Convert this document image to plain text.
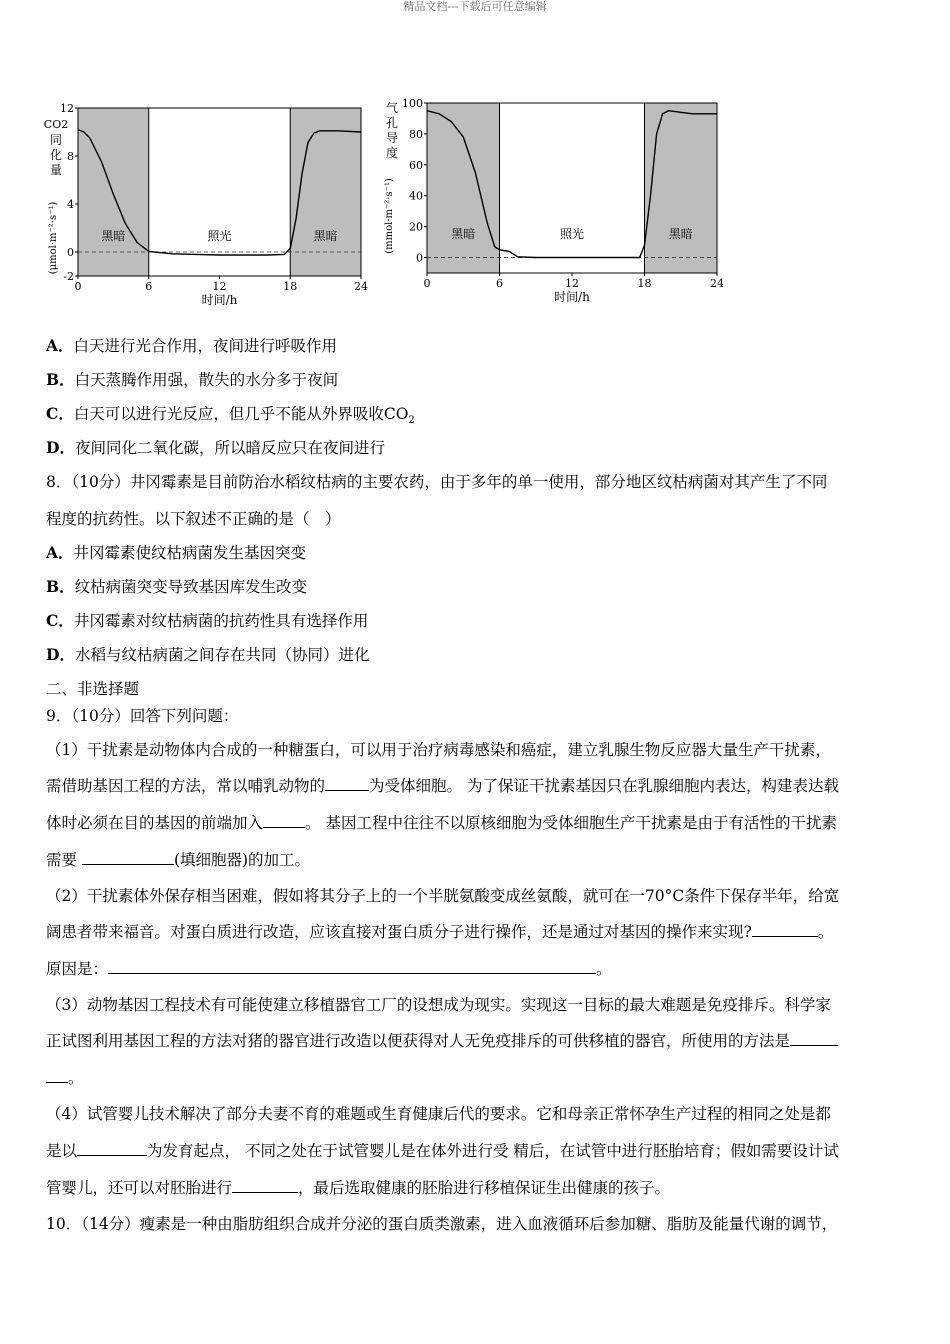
精品文档---下载后可任意编辑
黑暗	照光	黑暗
0	6	12	18	24
-2
0
4
8
12
时间/h
CO2
同
化
量
(μmol·m⁻²·s⁻¹)	黑暗	照光	黑暗
0	6	12	18	24
0
20
40
60
80
100
时间/h
气
孔
导
度
(mmol·m⁻²·s⁻¹)
A．白天进行光合作用，夜间进行呼吸作用
B．白天蒸腾作用强，散失的水分多于夜间
C．白天可以进行光反应，但几乎不能从外界吸收$CO_2$
D．夜间同化二氧化碳，所以暗反应只在夜间进行
8．（10分）井冈霉素是目前防治水稻纹枯病的主要农药，由于多年的单一使用，部分地区纹枯病菌对其产生了不同
程度的抗药性。以下叙述不正确的是（　）
A．井冈霉素使纹枯病菌发生基因突变
B．纹枯病菌突变导致基因库发生改变
C．井冈霉素对纹枯病菌的抗药性具有选择作用
D．水稻与纹枯病菌之间存在共同（协同）进化
二、非选择题
9．（10分）回答下列问题：
（1）干扰素是动物体内合成的一种糖蛋白，可以用于治疗病毒感染和癌症，建立乳腺生物反应器大量生产干扰素，
需借助基因工程的方法，常以哺乳动物的	为受体细胞。 为了保证干扰素基因只在乳腺细胞内表达，构建表达载
体时必须在目的基因的前端加入	。 基因工程中往往不以原核细胞为受体细胞生产干扰素是由于有活性的干扰素
需要	(填细胞器)的加工。
（2）干扰素体外保存相当困难，假如将其分子上的一个半胱氨酸变成丝氨酸，就可在一70°C条件下保存半年，给宽
阔患者带来福音。对蛋白质进行改造，应该直接对蛋白质分子进行操作，还是通过对基因的操作来实现?	。
原因是：	。
（3）动物基因工程技术有可能使建立移植器官工厂的设想成为现实。实现这一目标的最大难题是免疫排斥。科学家
正试图利用基因工程的方法对猪的器官进行改造以便获得对人无免疫排斥的可供移植的器官，所使用的方法是
。
（4）试管婴儿技术解决了部分夫妻不育的难题或生育健康后代的要求。它和母亲正常怀孕生产过程的相同之处是都
是以	为发育起点， 不同之处在于试管婴儿是在体外进行受 精后，在试管中进行胚胎培育；假如需要设计试
管婴儿，还可以对胚胎进行	，最后选取健康的胚胎进行移植保证生出健康的孩子。
10．（14分）瘦素是一种由脂肪组织合成并分泌的蛋白质类激素，进入血液循环后参加糖、脂肪及能量代谢的调节，
